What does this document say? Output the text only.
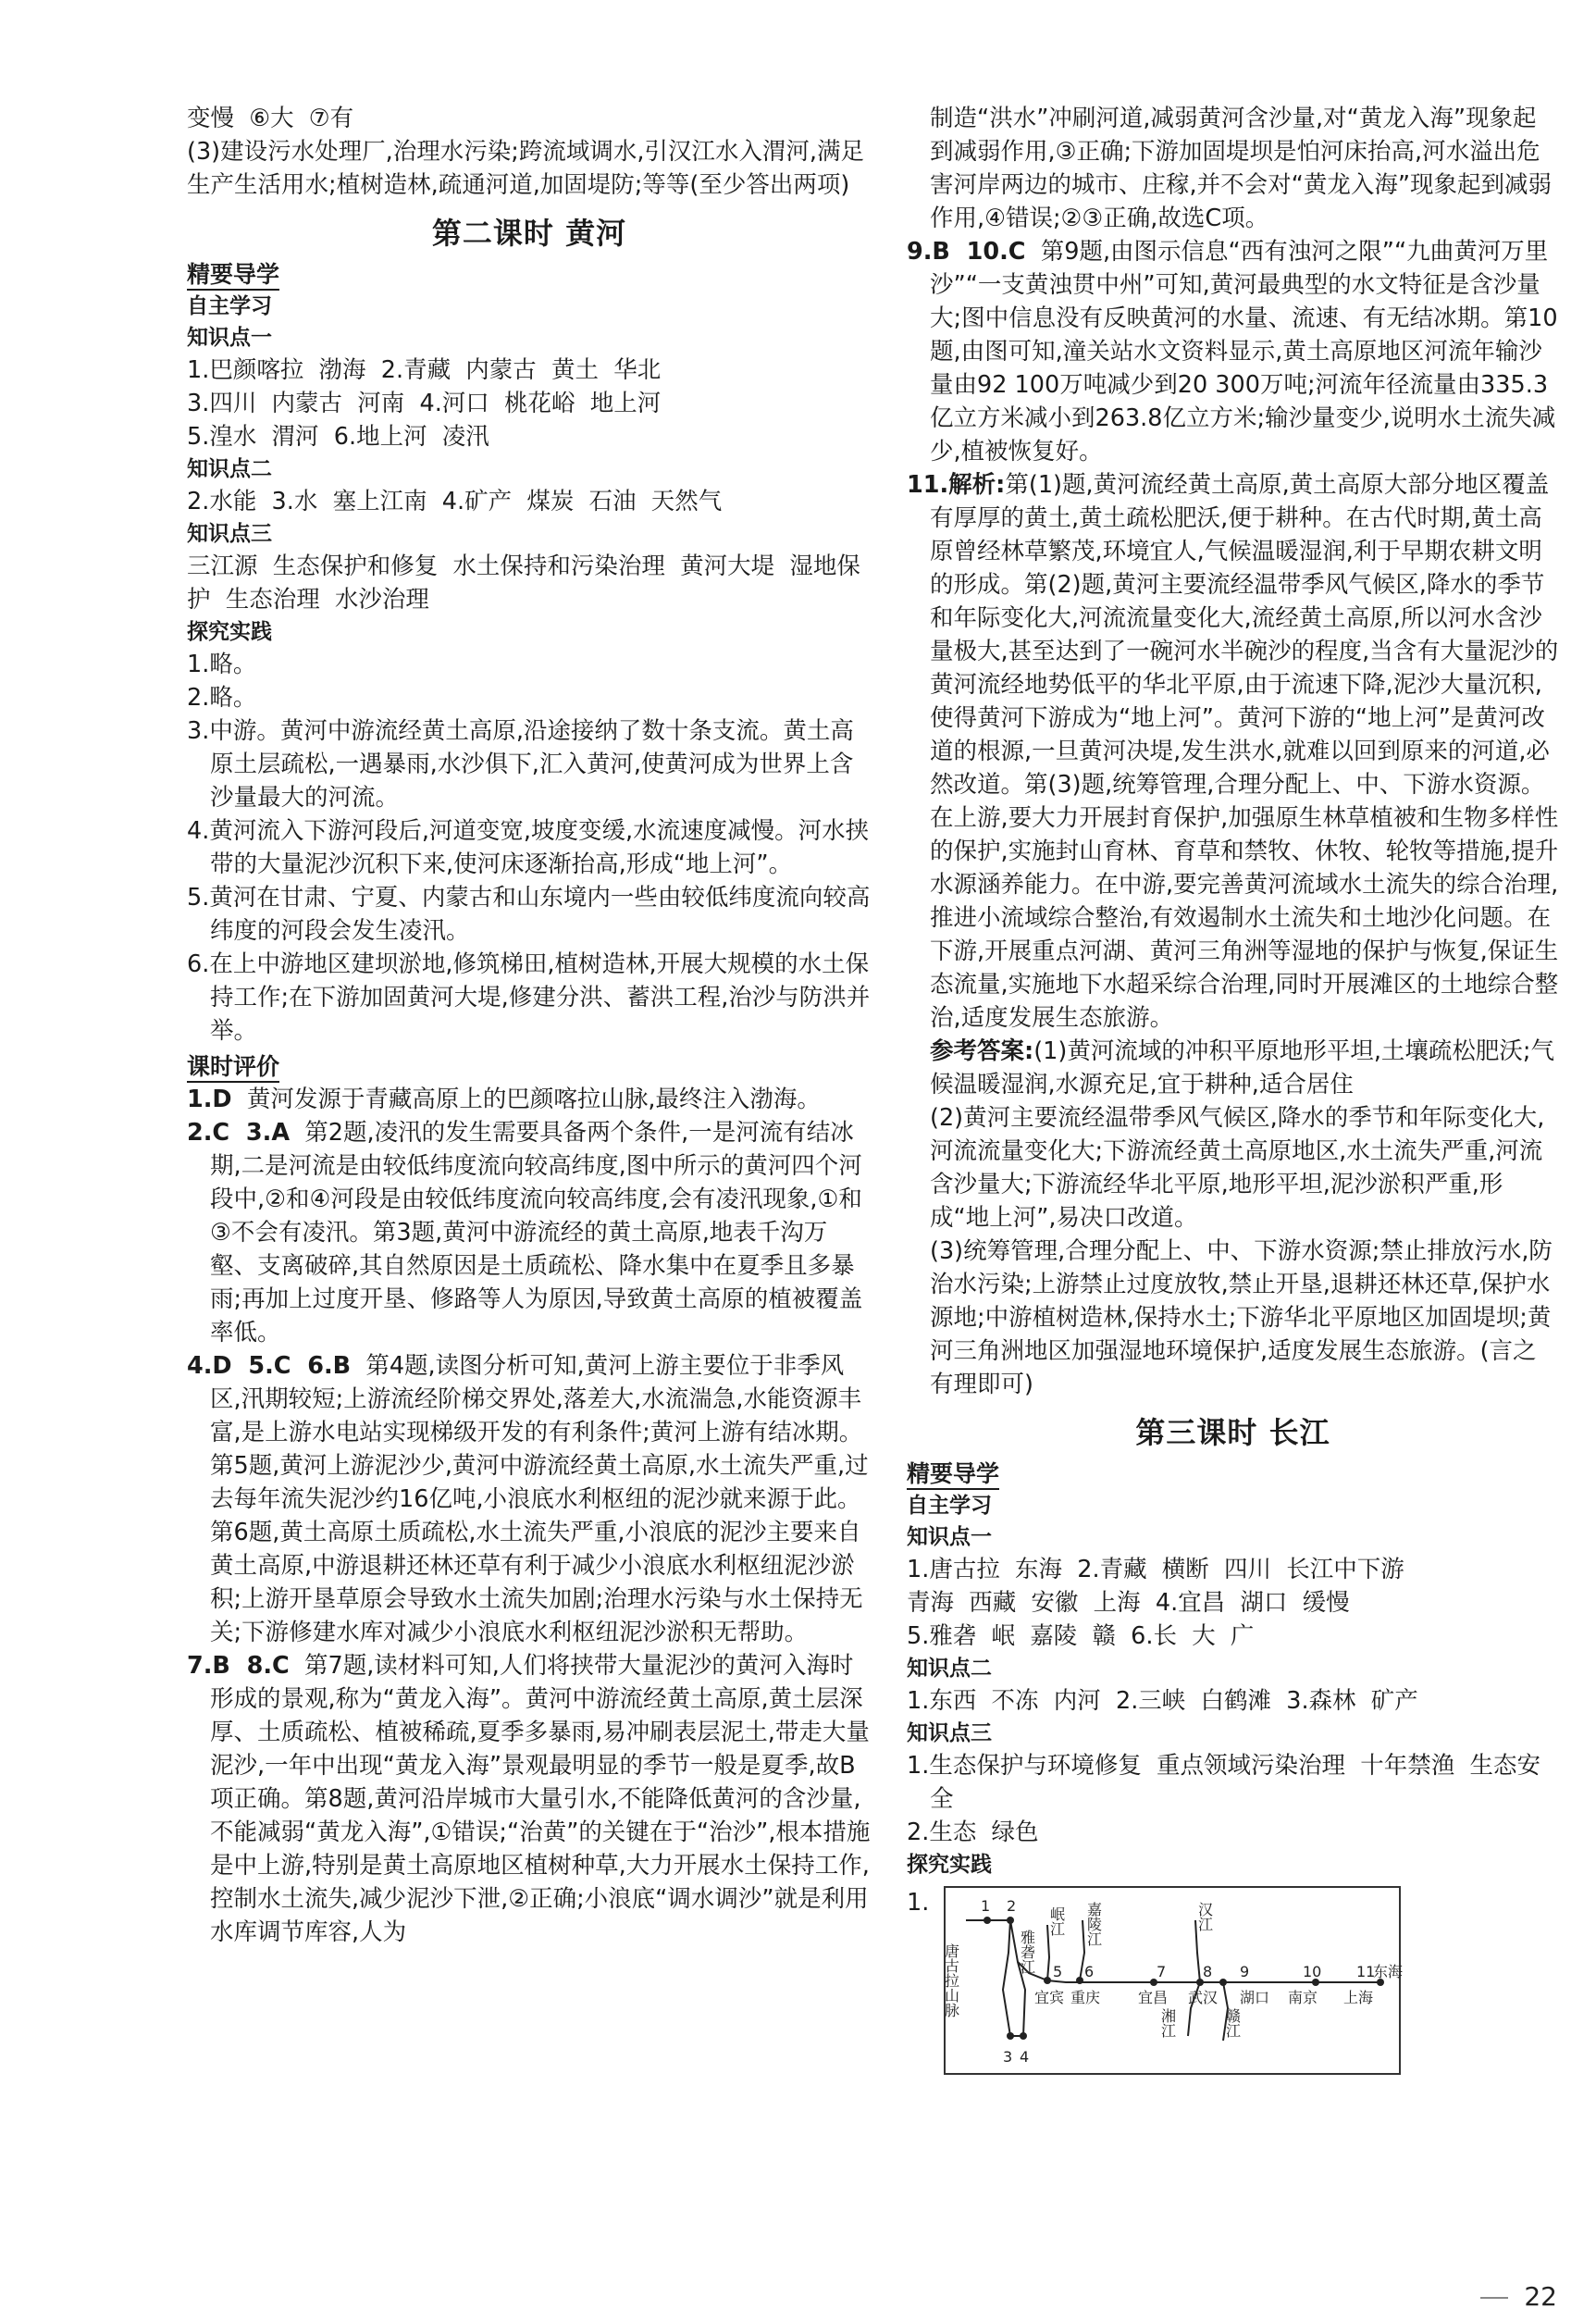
变慢  ⑥大  ⑦有

(3)建设污水处理厂,治理水污染;跨流域调水,引汉江水入渭河,满足生产生活用水;植树造林,疏通河道,加固堤防;等等(至少答出两项)

第二课时 黄河
精要导学
自主学习
知识点一

1.巴颜喀拉  渤海  2.青藏  内蒙古  黄土  华北

3.四川  内蒙古  河南  4.河口  桃花峪  地上河

5.湟水  渭河  6.地上河  凌汛

知识点二

2.水能  3.水  塞上江南  4.矿产  煤炭  石油  天然气

知识点三

三江源  生态保护和修复  水土保持和污染治理  黄河大堤  湿地保护  生态治理  水沙治理

探究实践

1.略。

2.略。

3.中游。黄河中游流经黄土高原,沿途接纳了数十条支流。黄土高原土层疏松,一遇暴雨,水沙俱下,汇入黄河,使黄河成为世界上含沙量最大的河流。

4.黄河流入下游河段后,河道变宽,坡度变缓,水流速度减慢。河水挟带的大量泥沙沉积下来,使河床逐渐抬高,形成“地上河”。

5.黄河在甘肃、宁夏、内蒙古和山东境内一些由较低纬度流向较高纬度的河段会发生凌汛。

6.在上中游地区建坝淤地,修筑梯田,植树造林,开展大规模的水土保持工作;在下游加固黄河大堤,修建分洪、蓄洪工程,治沙与防洪并举。

课时评价

1.D  黄河发源于青藏高原上的巴颜喀拉山脉,最终注入渤海。

2.C  3.A  第2题,凌汛的发生需要具备两个条件,一是河流有结冰期,二是河流是由较低纬度流向较高纬度,图中所示的黄河四个河段中,②和④河段是由较低纬度流向较高纬度,会有凌汛现象,①和③不会有凌汛。第3题,黄河中游流经的黄土高原,地表千沟万壑、支离破碎,其自然原因是土质疏松、降水集中在夏季且多暴雨;再加上过度开垦、修路等人为原因,导致黄土高原的植被覆盖率低。

4.D  5.C  6.B  第4题,读图分析可知,黄河上游主要位于非季风区,汛期较短;上游流经阶梯交界处,落差大,水流湍急,水能资源丰富,是上游水电站实现梯级开发的有利条件;黄河上游有结冰期。第5题,黄河上游泥沙少,黄河中游流经黄土高原,水土流失严重,过去每年流失泥沙约16亿吨,小浪底水利枢纽的泥沙就来源于此。第6题,黄土高原土质疏松,水土流失严重,小浪底的泥沙主要来自黄土高原,中游退耕还林还草有利于减少小浪底水利枢纽泥沙淤积;上游开垦草原会导致水土流失加剧;治理水污染与水土保持无关;下游修建水库对减少小浪底水利枢纽泥沙淤积无帮助。

7.B  8.C  第7题,读材料可知,人们将挟带大量泥沙的黄河入海时形成的景观,称为“黄龙入海”。黄河中游流经黄土高原,黄土层深厚、土质疏松、植被稀疏,夏季多暴雨,易冲刷表层泥土,带走大量泥沙,一年中出现“黄龙入海”景观最明显的季节一般是夏季,故B项正确。第8题,黄河沿岸城市大量引水,不能降低黄河的含沙量,不能减弱“黄龙入海”,①错误;“治黄”的关键在于“治沙”,根本措施是中上游,特别是黄土高原地区植树种草,大力开展水土保持工作,控制水土流失,减少泥沙下泄,②正确;小浪底“调水调沙”就是利用水库调节库容,人为

制造“洪水”冲刷河道,减弱黄河含沙量,对“黄龙入海”现象起到减弱作用,③正确;下游加固堤坝是怕河床抬高,河水溢出危害河岸两边的城市、庄稼,并不会对“黄龙入海”现象起到减弱作用,④错误;②③正确,故选C项。

9.B  10.C  第9题,由图示信息“西有浊河之限”“九曲黄河万里沙”“一支黄浊贯中州”可知,黄河最典型的水文特征是含沙量大;图中信息没有反映黄河的水量、流速、有无结冰期。第10题,由图可知,潼关站水文资料显示,黄土高原地区河流年输沙量由92 100万吨减少到20 300万吨;河流年径流量由335.3亿立方米减小到263.8亿立方米;输沙量变少,说明水土流失减少,植被恢复好。

11.解析:第(1)题,黄河流经黄土高原,黄土高原大部分地区覆盖有厚厚的黄土,黄土疏松肥沃,便于耕种。在古代时期,黄土高原曾经林草繁茂,环境宜人,气候温暖湿润,利于早期农耕文明的形成。第(2)题,黄河主要流经温带季风气候区,降水的季节和年际变化大,河流流量变化大,流经黄土高原,所以河水含沙量极大,甚至达到了一碗河水半碗沙的程度,当含有大量泥沙的黄河流经地势低平的华北平原,由于流速下降,泥沙大量沉积,使得黄河下游成为“地上河”。黄河下游的“地上河”是黄河改道的根源,一旦黄河决堤,发生洪水,就难以回到原来的河道,必然改道。第(3)题,统筹管理,合理分配上、中、下游水资源。在上游,要大力开展封育保护,加强原生林草植被和生物多样性的保护,实施封山育林、育草和禁牧、休牧、轮牧等措施,提升水源涵养能力。在中游,要完善黄河流域水土流失的综合治理,推进小流域综合整治,有效遏制水土流失和土地沙化问题。在下游,开展重点河湖、黄河三角洲等湿地的保护与恢复,保证生态流量,实施地下水超采综合治理,同时开展滩区的土地综合整治,适度发展生态旅游。

参考答案:(1)黄河流域的冲积平原地形平坦,土壤疏松肥沃;气候温暖湿润,水源充足,宜于耕种,适合居住

(2)黄河主要流经温带季风气候区,降水的季节和年际变化大,河流流量变化大;下游流经黄土高原地区,水土流失严重,河流含沙量大;下游流经华北平原,地形平坦,泥沙淤积严重,形成“地上河”,易决口改道。

(3)统筹管理,合理分配上、中、下游水资源;禁止排放污水,防治水污染;上游禁止过度放牧,禁止开垦,退耕还林还草,保护水源地;中游植树造林,保持水土;下游华北平原地区加固堤坝;黄河三角洲地区加强湿地环境保护,适度发展生态旅游。(言之有理即可)

第三课时 长江
精要导学
自主学习
知识点一

1.唐古拉  东海  2.青藏  横断  四川  长江中下游

青海  西藏  安徽  上海  4.宜昌  湖口  缓慢

5.雅砻  岷  嘉陵  赣  6.长  大  广

知识点二

1.东西  不冻  内河  2.三峡  白鹤滩  3.森林  矿产

知识点三

1.生态保护与环境修复  重点领域污染治理  十年禁渔  生态安全

2.生态  绿色

探究实践
1.	1 2
3 4
5 6	7 8 9	10 11
唐古拉山脉	雅砻江
岷江 嘉陵江	汉江
湘江	赣江
宜宾 重庆	宜昌 武汉 湖口 南京 上海
东海
22
